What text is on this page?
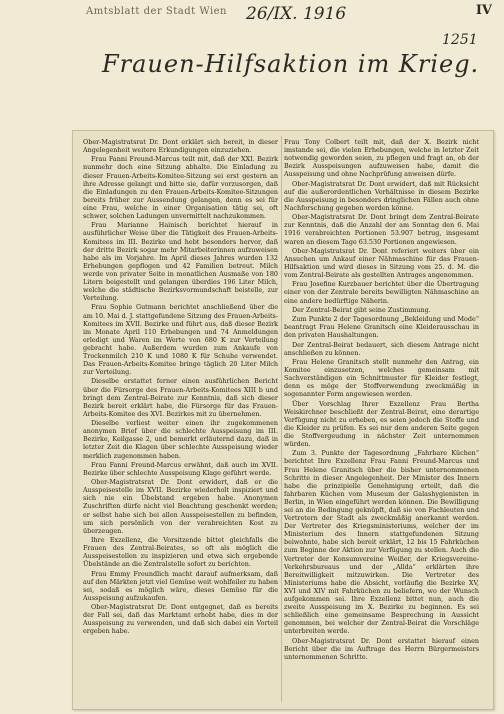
Amtsblatt der Stadt Wien 26/IX. 1916	IV
1251
Frauen-Hilfsaktion im Krieg.

Ober-Magistratsrat Dr. Dont erklärt sich bereit, in dieser Angelegenheit weitere Erkundigungen einzuziehen.

Frau Fanni Freund-Marcus teilt mit, daß der XXI. Bezirk nunmehr doch eine Sitzung abhalte. Die Einladung zu dieser Frauen-Arbeits-Komitee-Sitzung sei erst gestern an ihre Adresse gelangt und bitte sie, dafür vorzusorgen, daß die Einladungen zu den Frauen-Arbeits-Komitee-Sitzungen bereits früher zur Aussendung gelangen, denn es sei für eine Frau, welche in einer Organisation tätig sei, oft schwer, solchen Ladungen unvermittelt nachzukommen.

Frau Marianne Hainisch berichtet hierauf in ausführlicher Weise über die Tätigkeit des Frauen-Arbeits-Komitees im III. Bezirke und hebt besonders hervor, daß der dritte Bezirk sogar mehr Mitarbeiterinnen aufzuweisen habe als im Vorjahre. Im April dieses Jahres wurden 132 Erhebungen gepflogen und 42 Familien betreut. Milch werde von privater Seite in monatlichen Ausmaße von 180 Litern beigestellt und gelangen überdies 196 Liter Milch, welche die städtische Bezirksvormundschaft beistelle, zur Verteilung.

Frau Sophie Gutmann berichtet anschließend über die am 10. Mai d. J. stattgefundene Sitzung des Frauen-Arbeits-Komitees im XVII. Bezirke und führt aus, daß dieser Bezirk im Monate April 110 Erhebungen und 74 Anmeldungen erledigt und Waren im Werte von 680 K zur Verteilung gebracht habe. Außerdem wurden zum Ankaufe von Trockenmilch 210 K und 1080 K für Schuhe verwendet. Das Frauen-Arbeits-Komitee bringe täglich 20 Liter Milch zur Verteilung.

Dieselbe erstattet ferner einen ausführlichen Bericht über die Fürsorge des Frauen-Arbeits-Komitees XIII b und bringt dem Zentral-Beirate zur Kenntnis, daß sich dieser Bezirk bereit erklärt habe, die Fürsorge für das Frauen-Arbeits-Komitee des XVI. Bezirkes mit zu übernehmen.

Dieselbe verliest weiter einen ihr zugekommenen anonymen Brief über die schlechte Ausspeisung im III. Bezirke, Keilgasse 2, und bemerkt erläuternd dazu, daß in letzter Zeit die Klagen über schlechte Ausspeisung wieder merklich zugenommen haben.

Frau Fanni Freund-Marcus erwähnt, daß auch im XVII. Bezirke über schlechte Ausspeisung Klage geführt werde.

Ober-Magistratsrat Dr. Dont erwidert, daß er die Ausspeisestelle im XVII. Bezirke wiederholt inspiziert und sich nie ein Übelstand ergeben habe. Anonymen Zuschriften dürfe nicht viel Beachtung geschenkt werden; er selbst habe sich bei allen Ausspeisestellen zu befinden, um sich persönlich von der verabreichten Kost zu überzeugen.

Ihre Exzellenz, die Vorsitzende bittet gleichfalls die Frauen des Zentral-Beirates, so oft als möglich die Ausspeisestellen zu inspizieren und etwa sich ergebende Übelstände an die Zentralstelle sofort zu berichten.

Frau Emmy Freundlich macht darauf aufmerksam, daß auf den Märkten jetzt viel Gemüse weit wohlfeiler zu haben sei, sodaß es möglich wäre, dieses Gemüse für die Ausspeisung aufzukaufen.

Ober-Magistratsrat Dr. Dont entgegnet, daß es bereits der Fall sei, daß das Marktamt erhobt habe, dies in der Ausspeisung zu verwenden, und daß sich dabei ein Vorteil ergeben habe.

Frau Tony Colbert teilt mit, daß der X. Bezirk nicht imstande sei, die vielen Erhebungen, welche in letzter Zeit notwendig geworden seien, zu pflegen und fragt an, ob der Bezirk Ausspeisungen aufzuweisen habe, damit die Ausspeisung und ohne Nachprüfung anweisen dürfe.

Ober-Magistratsrat Dr. Dont erwidert, daß mit Rücksicht auf die außerordentlichen Verhältnisse in diesem Bezirke die Ausspeisung in besonders dringlichen Fällen auch ohne Nachforschung gegeben werden könne.

Ober-Magistratsrat Dr. Dont bringt dem Zentral-Beirate zur Kenntnis, daß die Anzahl der am Sonntag den 6. Mai 1916 verabreichten Portionen 53.907 betrug, insgesamt waren an diesem Tage 63.530 Portionen angewiesen.

Ober-Magistratsrat Dr. Dont referiert weiters über ein Ansuchen um Ankauf einer Nähmaschine für das Frauen-Hilfsaktion und wird dieses in Sitzung vom 25. d. M. die vom Zentral-Beirate als gestellten Antrages angenommen.

Frau Josefine Kurzbauer berichtet über die Übertragung einer von der Zentrale bereits bewilligten Nähmaschine an eine andere bedürftige Näherin.

Der Zentral-Beirat gibt seine Zustimmung.

Zum Punkte 2 der Tagesordnung „Bekleidung und Mode“ beantragt Frau Helene Granitsch eine Kleiderausschau in den privaten Haushaltungen.

Der Zentral-Beirat bedauert, sich diesem Antrage nicht anschließen zu können.

Frau Helene Granitsch stellt nunmehr den Antrag, ein Komitee einzusetzen, welches gemeinsam mit Sachverständigen ein Schnittmuster für Kleider festlegt, denn es möge der Stoffverwendung zweckmäßig in sogenannter Form angewiesen werden.

Über Vorschlag Ihrer Exzellenz Frau Bertha Weiskirchner beschließt der Zentral-Beirat, eine derartige Verfügung nicht zu erheben, es seien jedoch die Stoffe und die Kleider zu prüfen. Es sei nur dem anderen Seite gegen die Stoffvergeudung in nächster Zeit unternommen würden.

Zum 3. Punkte der Tagesordnung „Fahrbare Küchen“ berichtet Ihre Exzellenz Frau Fanni Freund-Marcus und Frau Helene Granitsch über die bisher unternommenen Schritte in dieser Angelegenheit. Der Minister des Innern habe die prinzipielle Genehmigung erteilt, daß die fahrbaren Küchen vom Museum der Galashygienisten in Berlin, in Wien eingeführt werden können. Die Bewilligung sei an die Bedingung geknüpft, daß sie von Fachleuten und Vertretern der Stadt als zweckmäßig anerkannt werden. Der Vertreter des Kriegsministeriums, welcher der im Ministerium des Innern stattgefundenen Sitzung beiwohnte, habe sich bereit erklärt, 12 bis 15 Fahrküchen zum Beginne der Aktion zur Verfügung zu stellen. Auch die Vertreter der Konsumvereine Weißer, der Kriegsvereine-Verkehrsbureaus und der „Allda“ erklärten ihre Bereitwilligkeit mitzuwirken. Die Vertreter des Ministeriums habe die Absicht, vorläufig die Bezirke XV, XVI und XIV mit Fahrküchen zu beliefern, wo der Wunsch aufgekommen sei. Ihre Exzellenz bittet nun, auch die zweite Ausspeisung im X. Bezirke zu beginnen. Es sei schließlich eine gemeinsame Besprechung in Aussicht genommen, bei welcher der Zentral-Beirat die Vorschläge unterbreiten werde.

Ober-Magistratsrat Dr. Dont erstattet hierauf einen Bericht über die im Auftrage des Herrn Bürgermeisters unternommenen Schritte.
